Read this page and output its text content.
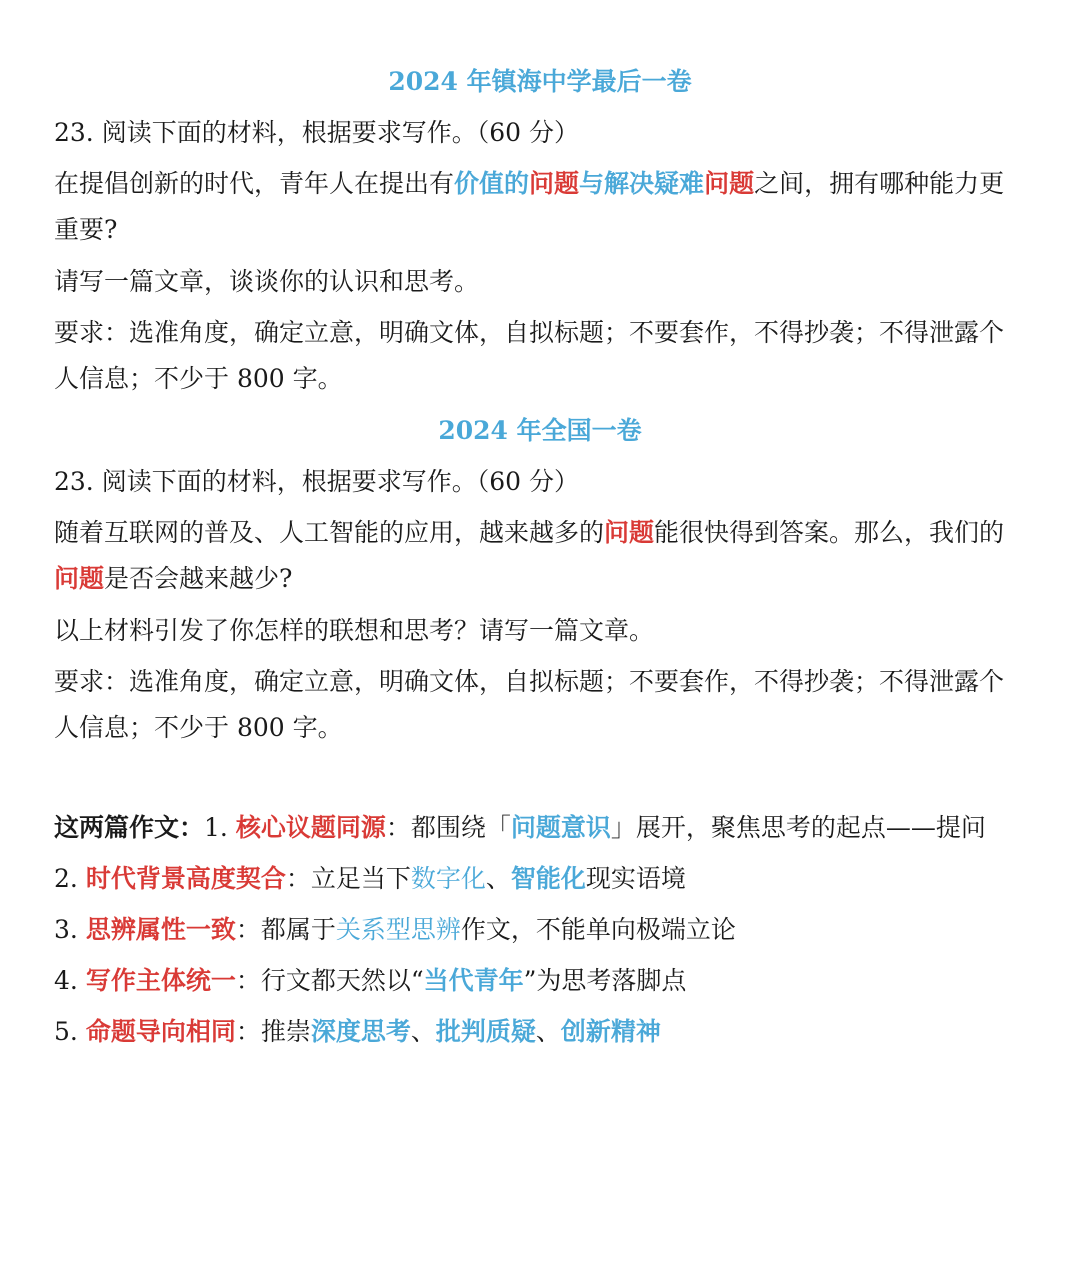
2024 年镇海中学最后一卷
23. 阅读下面的材料，根据要求写作。（60 分）
在提倡创新的时代，青年人在提出有价值的问题与解决疑难问题之间，拥有哪种能力更
重要?
请写一篇文章，谈谈你的认识和思考。
要求：选准角度，确定立意，明确文体，自拟标题；不要套作，不得抄袭；不得泄露个
人信息；不少于 800 字。
2024 年全国一卷
23. 阅读下面的材料，根据要求写作。（60 分）
随着互联网的普及、人工智能的应用，越来越多的问题能很快得到答案。那么，我们的
问题是否会越来越少?
以上材料引发了你怎样的联想和思考？请写一篇文章。
要求：选准角度，确定立意，明确文体，自拟标题；不要套作，不得抄袭；不得泄露个
人信息；不少于 800 字。
这两篇作文：1. 核心议题同源：都围绕「问题意识」展开，聚焦思考的起点——提问
2. 时代背景高度契合：立足当下数字化、智能化现实语境
3. 思辨属性一致：都属于关系型思辨作文，不能单向极端立论
4. 写作主体统一：行文都天然以“当代青年”为思考落脚点
5. 命题导向相同：推崇深度思考、批判质疑、创新精神
